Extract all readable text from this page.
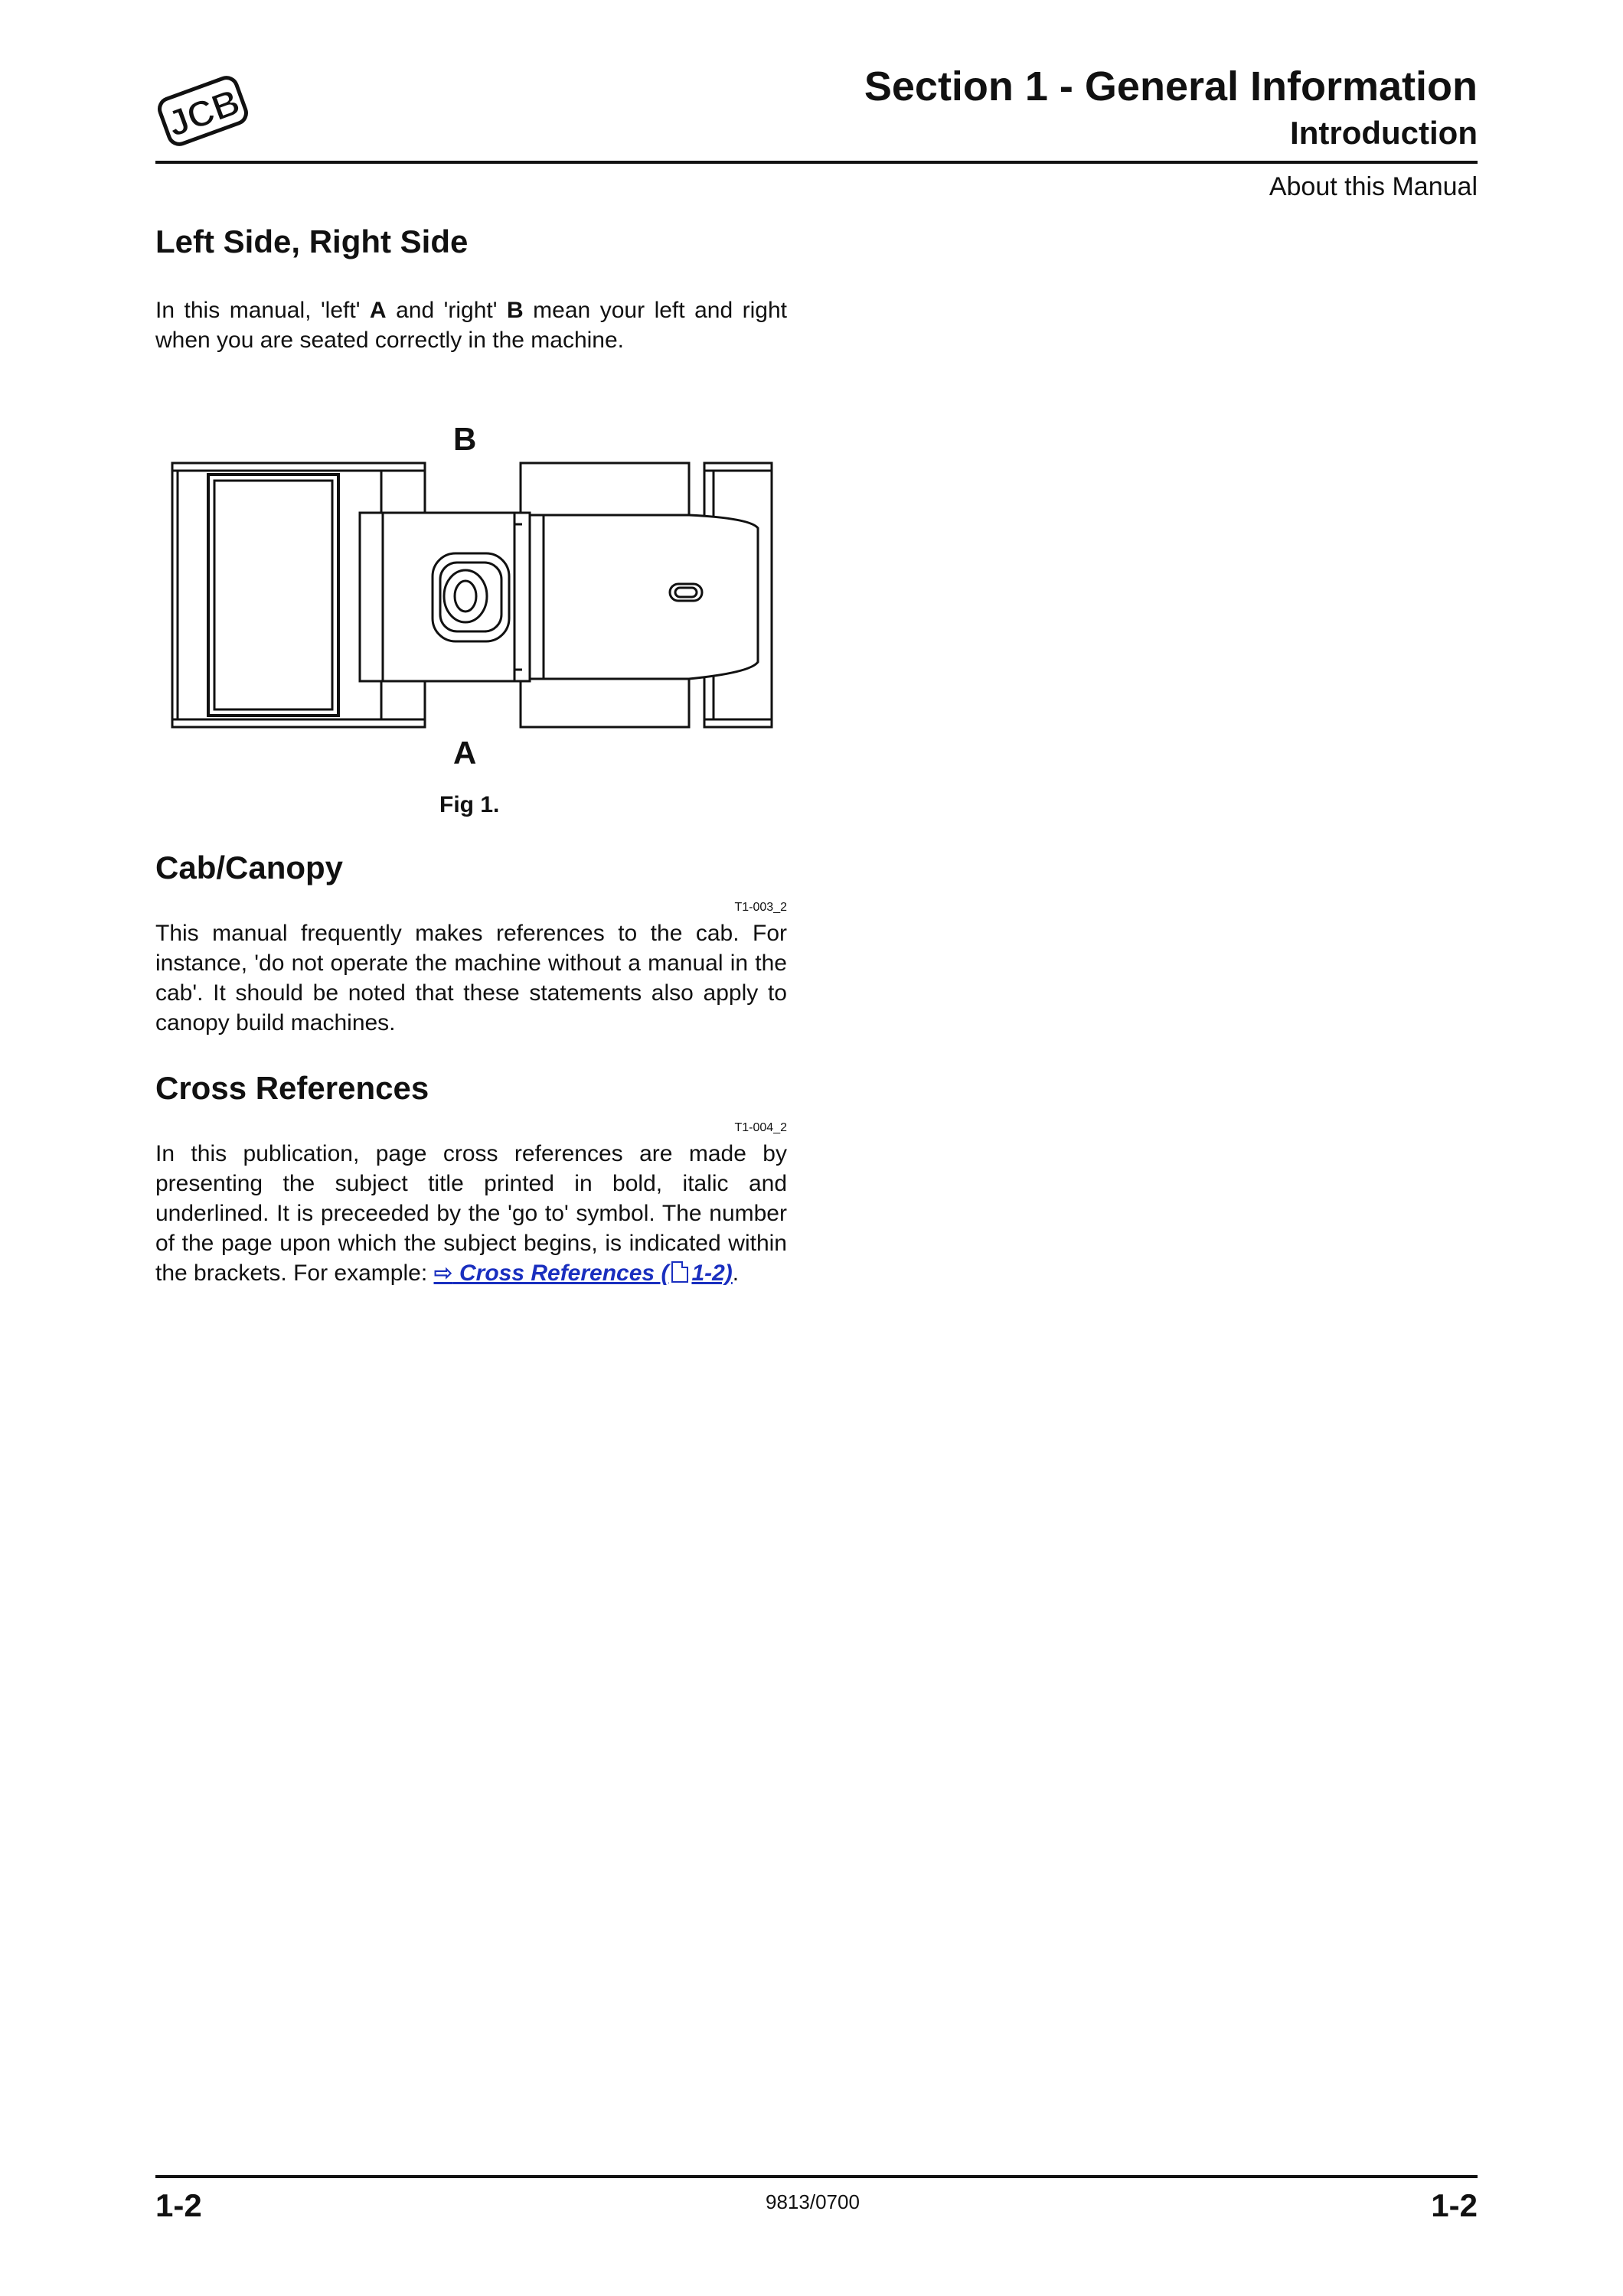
JCB	Section 1 - General Information
Introduction
About this Manual
Left Side, Right Side

In this manual, 'left' A and 'right' B mean your left and right when you are seated correctly in the machine.

B
A
Fig 1.
Cab/Canopy
T1-003_2

This manual frequently makes references to the cab. For instance, 'do not operate the machine without a manual in the cab'. It should be noted that these statements also apply to canopy build machines.

Cross References
T1-004_2

In this publication, page cross references are made by presenting the subject title printed in bold, italic and underlined. It is preceeded by the 'go to' symbol. The number of the page upon which the subject begins, is indicated within the brackets. For example: ⇨ Cross References ( 1-2).

1-2	9813/0700	1-2
